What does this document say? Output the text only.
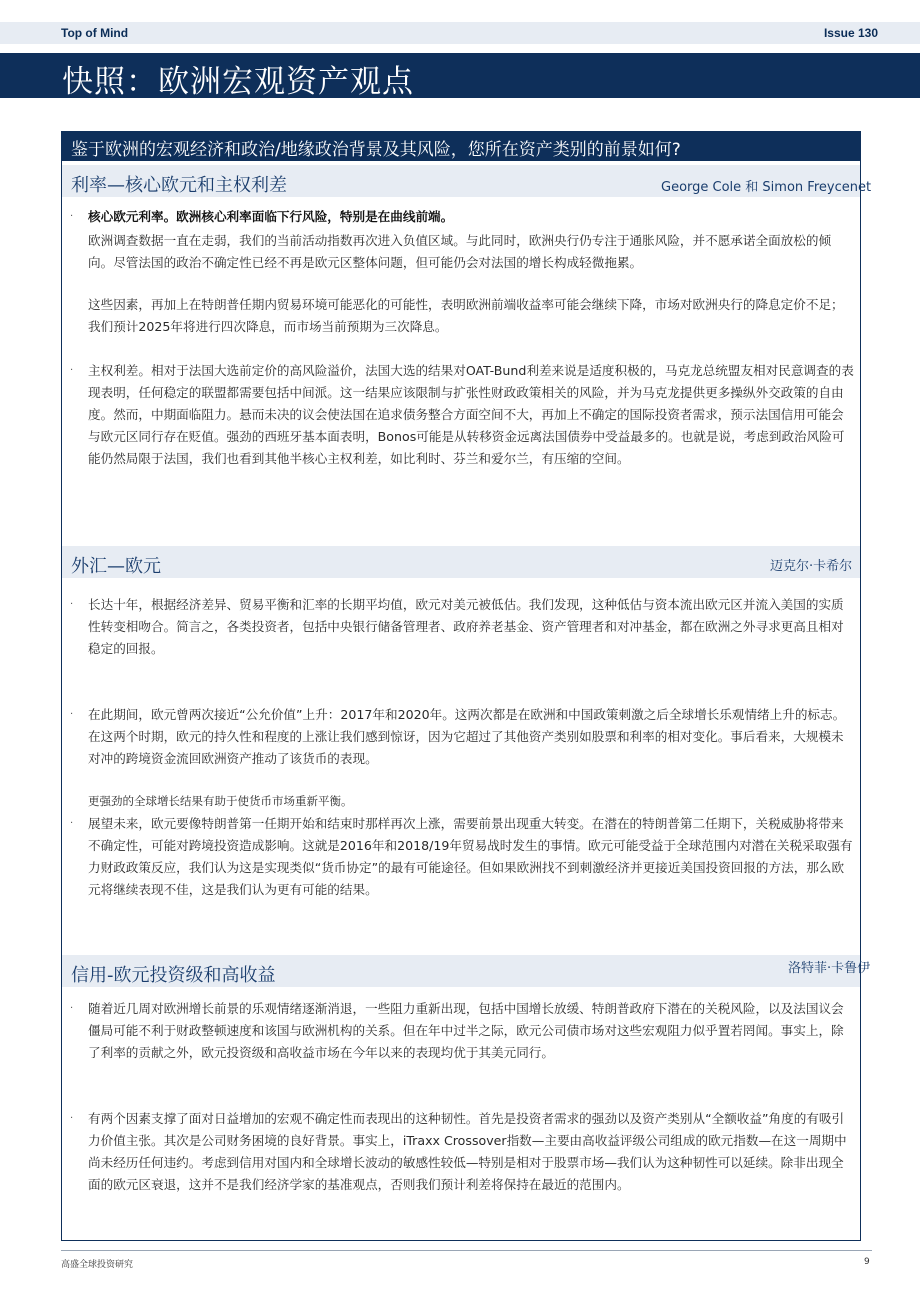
Top of Mind	Issue 130
快照：欧洲宏观资产观点
鉴于欧洲的宏观经济和政治/地缘政治背景及其风险，您所在资产类别的前景如何?
利率—核心欧元和主权利差	George Cole 和 Simon Freycenet
·	核心欧元利率。欧洲核心利率面临下行风险，特别是在曲线前端。
欧洲调查数据一直在走弱，我们的当前活动指数再次进入负值区域。与此同时，欧洲央行仍专注于通胀风险，并不愿承诺全面放松的倾向。尽管法国的政治不确定性已经不再是欧元区整体问题，但可能仍会对法国的增长构成轻微拖累。
这些因素，再加上在特朗普任期内贸易环境可能恶化的可能性，表明欧洲前端收益率可能会继续下降，市场对欧洲央行的降息定价不足；我们预计2025年将进行四次降息，而市场当前预期为三次降息。
·	主权利差。相对于法国大选前定价的高风险溢价，法国大选的结果对OAT-Bund利差来说是适度积极的，马克龙总统盟友相对民意调查的表现表明，任何稳定的联盟都需要包括中间派。这一结果应该限制与扩张性财政政策相关的风险，并为马克龙提供更多操纵外交政策的自由度。然而，中期面临阻力。悬而未决的议会使法国在追求债务整合方面空间不大，再加上不确定的国际投资者需求，预示法国信用可能会与欧元区同行存在贬值。强劲的西班牙基本面表明，Bonos可能是从转移资金远离法国债券中受益最多的。也就是说，考虑到政治风险可能仍然局限于法国，我们也看到其他半核心主权利差，如比利时、芬兰和爱尔兰，有压缩的空间。
外汇—欧元	迈克尔·卡希尔
·	长达十年，根据经济差异、贸易平衡和汇率的长期平均值，欧元对美元被低估。我们发现，这种低估与资本流出欧元区并流入美国的实质性转变相吻合。简言之，各类投资者，包括中央银行储备管理者、政府养老基金、资产管理者和对冲基金，都在欧洲之外寻求更高且相对稳定的回报。
·	在此期间，欧元曾两次接近“公允价值”上升：2017年和2020年。这两次都是在欧洲和中国政策刺激之后全球增长乐观情绪上升的标志。在这两个时期，欧元的持久性和程度的上涨让我们感到惊讶，因为它超过了其他资产类别如股票和利率的相对变化。事后看来，大规模未对冲的跨境资金流回欧洲资产推动了该货币的表现。
更强劲的全球增长结果有助于使货币市场重新平衡。
·	展望未来，欧元要像特朗普第一任期开始和结束时那样再次上涨，需要前景出现重大转变。在潜在的特朗普第二任期下，关税威胁将带来不确定性，可能对跨境投资造成影响。这就是2016年和2018/19年贸易战时发生的事情。欧元可能受益于全球范围内对潜在关税采取强有力财政政策反应，我们认为这是实现类似“货币协定”的最有可能途径。但如果欧洲找不到刺激经济并更接近美国投资回报的方法，那么欧元将继续表现不佳，这是我们认为更有可能的结果。
信用-欧元投资级和高收益	洛特菲·卡鲁伊
·	随着近几周对欧洲增长前景的乐观情绪逐渐消退，一些阻力重新出现，包括中国增长放缓、特朗普政府下潜在的关税风险，以及法国议会僵局可能不利于财政整顿速度和该国与欧洲机构的关系。但在年中过半之际，欧元公司债市场对这些宏观阻力似乎置若罔闻。事实上，除了利率的贡献之外，欧元投资级和高收益市场在今年以来的表现均优于其美元同行。
·	有两个因素支撑了面对日益增加的宏观不确定性而表现出的这种韧性。首先是投资者需求的强劲以及资产类别从“全额收益”角度的有吸引力价值主张。其次是公司财务困境的良好背景。事实上，iTraxx Crossover指数—主要由高收益评级公司组成的欧元指数—在这一周期中尚未经历任何违约。考虑到信用对国内和全球增长波动的敏感性较低—特别是相对于股票市场—我们认为这种韧性可以延续。除非出现全面的欧元区衰退，这并不是我们经济学家的基准观点，否则我们预计利差将保持在最近的范围内。
高盛全球投资研究	9
